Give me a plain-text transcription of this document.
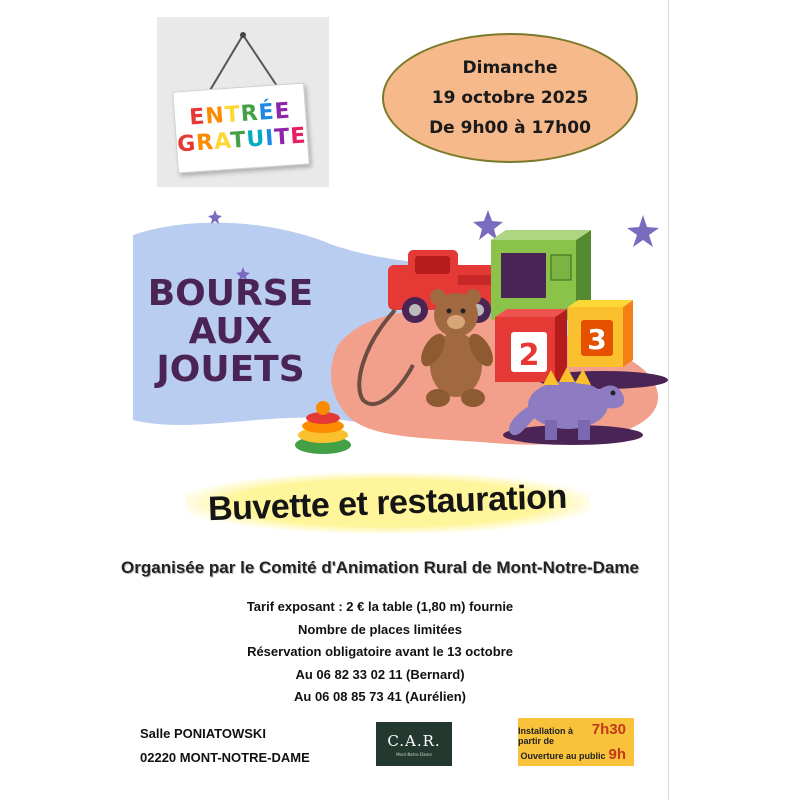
ENTRÉE
GRATUITE
Dimanche
19 octobre 2025
De 9h00 à 17h00
2 3
BOURSE
AUX
JOUETS
Buvette et restauration
Organisée par le Comité d'Animation Rural de Mont-Notre-Dame
Tarif exposant : 2 € la table (1,80 m) fournie
Nombre de places limitées
Réservation obligatoire avant le 13 octobre
Au 06 82 33 02 11 (Bernard)
Au 06 08 85 73 41 (Aurélien)
Salle PONIATOWSKI
02220 MONT-NOTRE-DAME
C.A.R.
Mont-Notre-Dame
Installation à partir de
7h30
Ouverture au public 9h
